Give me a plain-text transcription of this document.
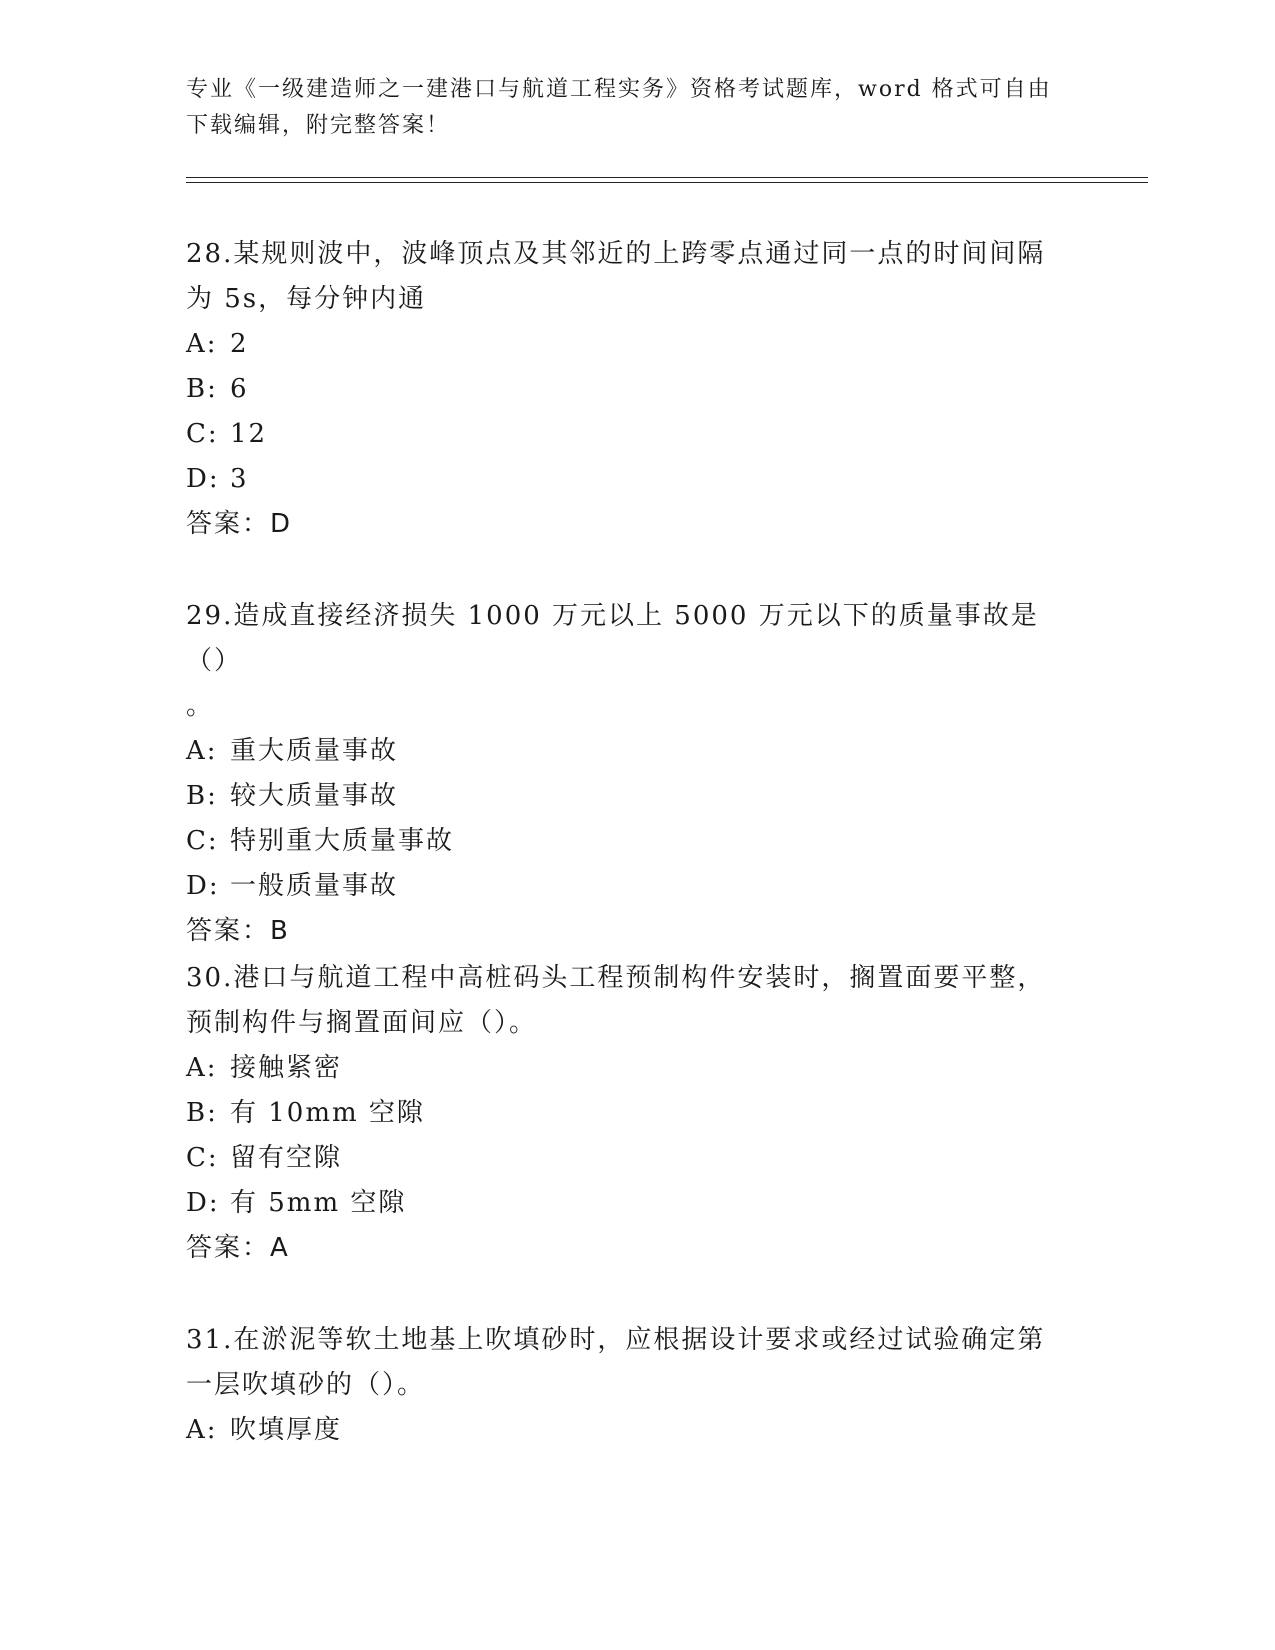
专业《一级建造师之一建港口与航道工程实务》资格考试题库，word 格式可自由
下载编辑，附完整答案！
28.某规则波中，波峰顶点及其邻近的上跨零点通过同一点的时间间隔
为 5s，每分钟内通
A: 2
B: 6
C: 12
D: 3
答案：D
29.造成直接经济损失 1000 万元以上 5000 万元以下的质量事故是（）
。
A: 重大质量事故
B: 较大质量事故
C: 特别重大质量事故
D: 一般质量事故
答案：B
30.港口与航道工程中高桩码头工程预制构件安装时，搁置面要平整，
预制构件与搁置面间应（）。
A: 接触紧密
B: 有 10mm 空隙
C: 留有空隙
D: 有 5mm 空隙
答案：A
31.在淤泥等软土地基上吹填砂时，应根据设计要求或经过试验确定第
一层吹填砂的（）。
A: 吹填厚度
